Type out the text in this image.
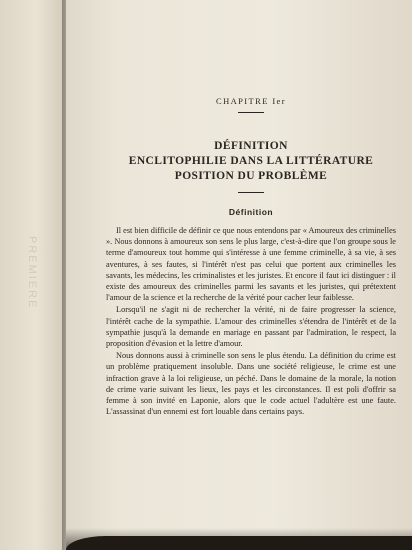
PREMIERE
CHAPITRE Ier
DÉFINITION
ENCLITOPHILIE DANS LA LITTÉRATURE
POSITION DU PROBLÈME
Définition

Il est bien difficile de définir ce que nous entendons par « Amoureux des criminelles ». Nous donnons à amoureux son sens le plus large, c'est-à-dire que l'on groupe sous le terme d'amoureux tout homme qui s'intéresse à une femme criminelle, à sa vie, à ses aventures, à ses fautes, si l'intérêt n'est pas celui que portent aux criminelles les savants, les médecins, les criminalistes et les juristes. Et encore il faut ici distinguer : il existe des amoureux des criminelles parmi les savants et les juristes, qui prétextent l'amour de la science et la recherche de la vérité pour cacher leur faiblesse.

Lorsqu'il ne s'agit ni de rechercher la vérité, ni de faire progresser la science, l'intérêt cache de la sympathie. L'amour des criminelles s'étendra de l'intérêt et de la sympathie jusqu'à la demande en mariage en passant par l'admiration, le respect, la proposition d'évasion et la lettre d'amour.

Nous donnons aussi à criminelle son sens le plus étendu. La définition du crime est un problème pratiquement insoluble. Dans une société religieuse, le crime est une infraction grave à la loi religieuse, un péché. Dans le domaine de la morale, la notion de crime varie suivant les lieux, les pays et les circonstances. Il est poli d'offrir sa femme à son invité en Laponie, alors que le code actuel l'adultère est une faute. L'assassinat d'un ennemi est fort louable dans certains pays.
